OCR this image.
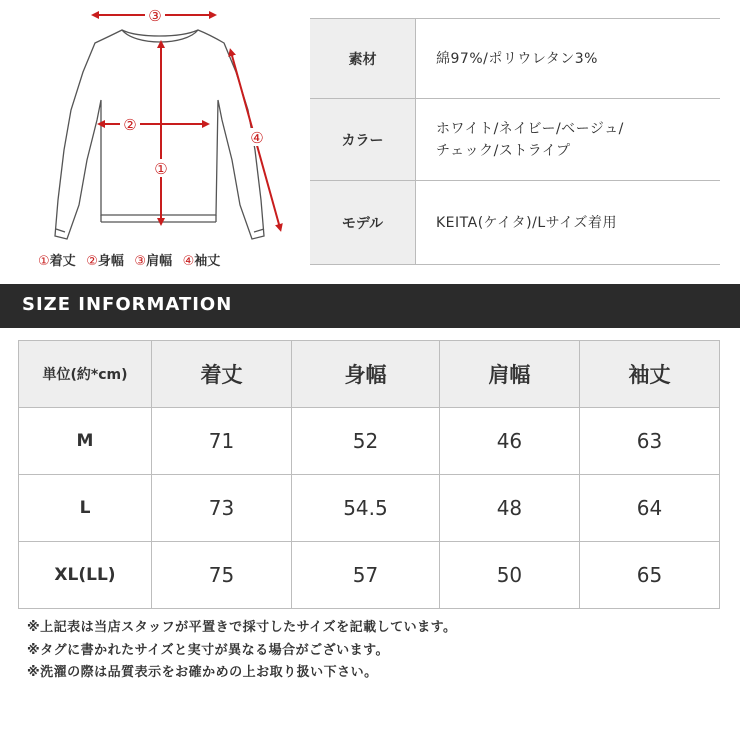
③
②
①
④
①着丈 ②身幅 ③肩幅 ④袖丈
素材	綿97%/ポリウレタン3%

カラー	ホワイト/ネイビー/ベージュ/
チェック/ストライプ

モデル	KEITA(ケイタ)/Lサイズ着用
SIZE INFORMATION
単位(約*cm)	着丈	身幅	肩幅	袖丈
M	71	52	46	63
L	73	54.5	48	64
XL(LL)	75	57	50	65
※上記表は当店スタッフが平置きで採寸したサイズを記載しています。
※タグに書かれたサイズと実寸が異なる場合がございます。
※洗濯の際は品質表示をお確かめの上お取り扱い下さい。
